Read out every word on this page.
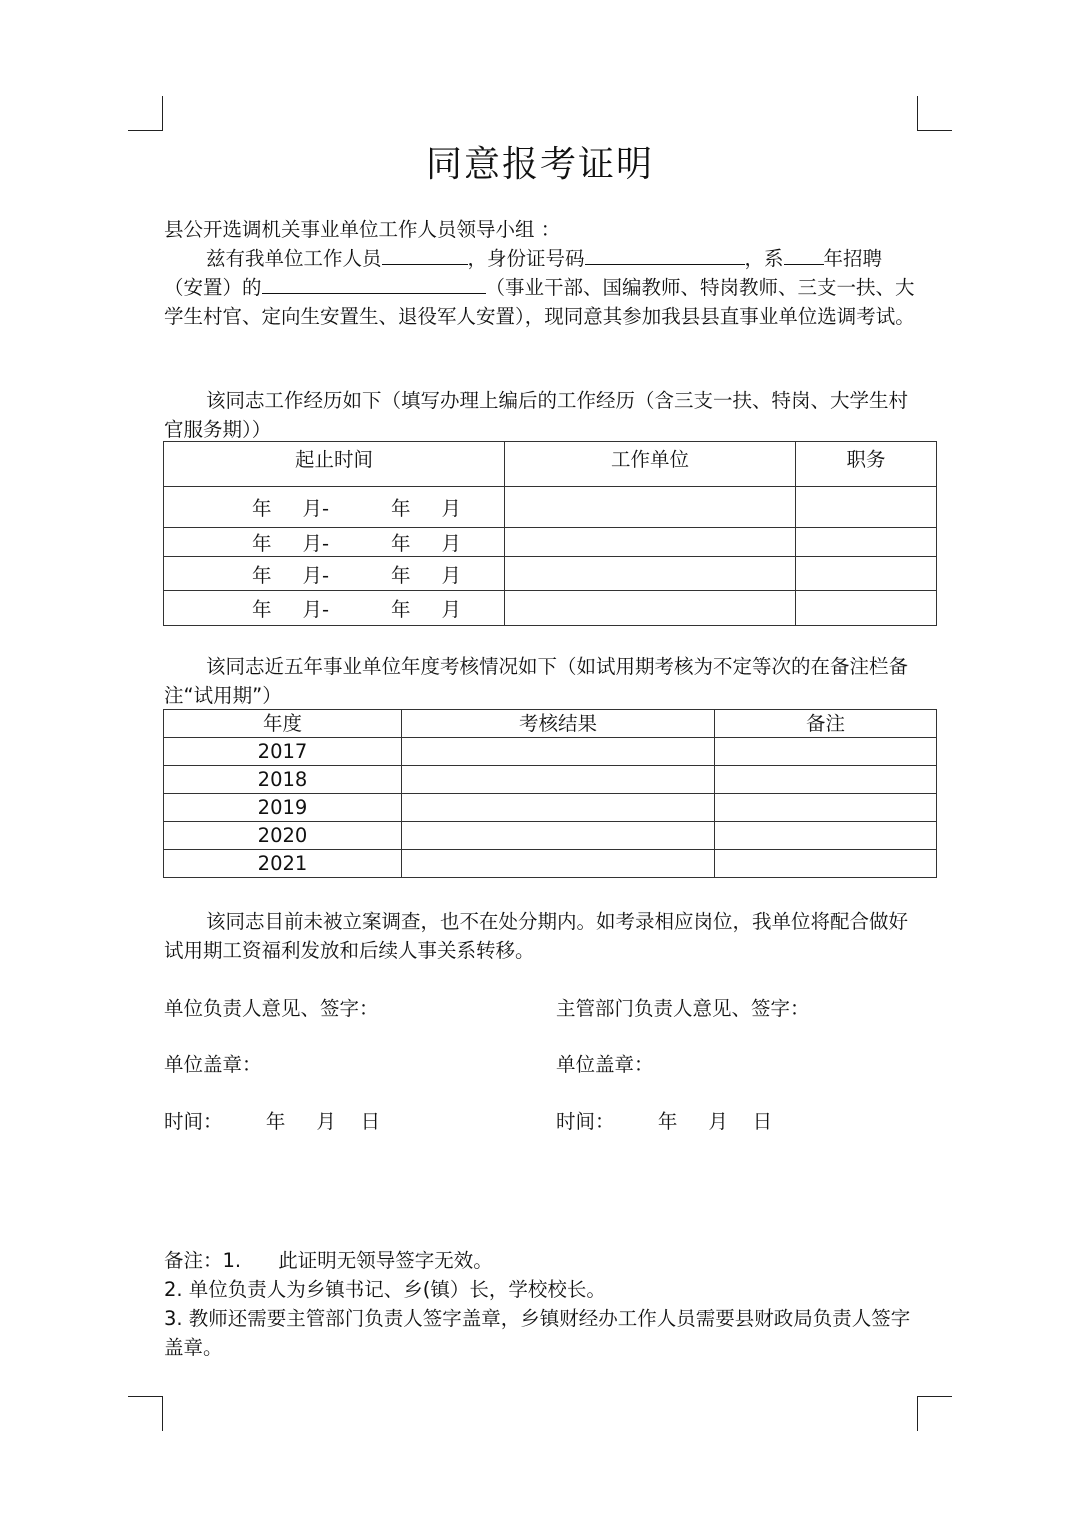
同意报考证明
县公开选调机关事业单位工作人员领导小组 ：
兹有我单位工作人员	，身份证号码	，系 年招聘（安置）的	（事业干部、国编教师、特岗教师、三支一扶、大学生村官、定向生安置生、退役军人安置），现同意其参加我县县直事业单位选调考试。
该同志工作经历如下（填写办理上编后的工作经历（含三支一扶、特岗、大学生村官服务期））
起止时间	工作单位	职务
年     月-          年     月		
年     月-          年     月		
年     月-          年     月		
年     月-          年     月		
该同志近五年事业单位年度考核情况如下（如试用期考核为不定等次的在备注栏备注“试用期”）
年度	考核结果	备注
2017		
2018		
2019		
2020		
2021		
该同志目前未被立案调查，也不在处分期内。如考录相应岗位，我单位将配合做好试用期工资福利发放和后续人事关系转移。
单位负责人意见、签字：	主管部门负责人意见、签字：
单位盖章：	单位盖章：
时间：       年     月    日	时间：       年     月    日
备注：1.      此证明无领导签字无效。
2. 单位负责人为乡镇书记、乡(镇）长，学校校长。
3. 教师还需要主管部门负责人签字盖章，乡镇财经办工作人员需要县财政局负责人签字盖章。
